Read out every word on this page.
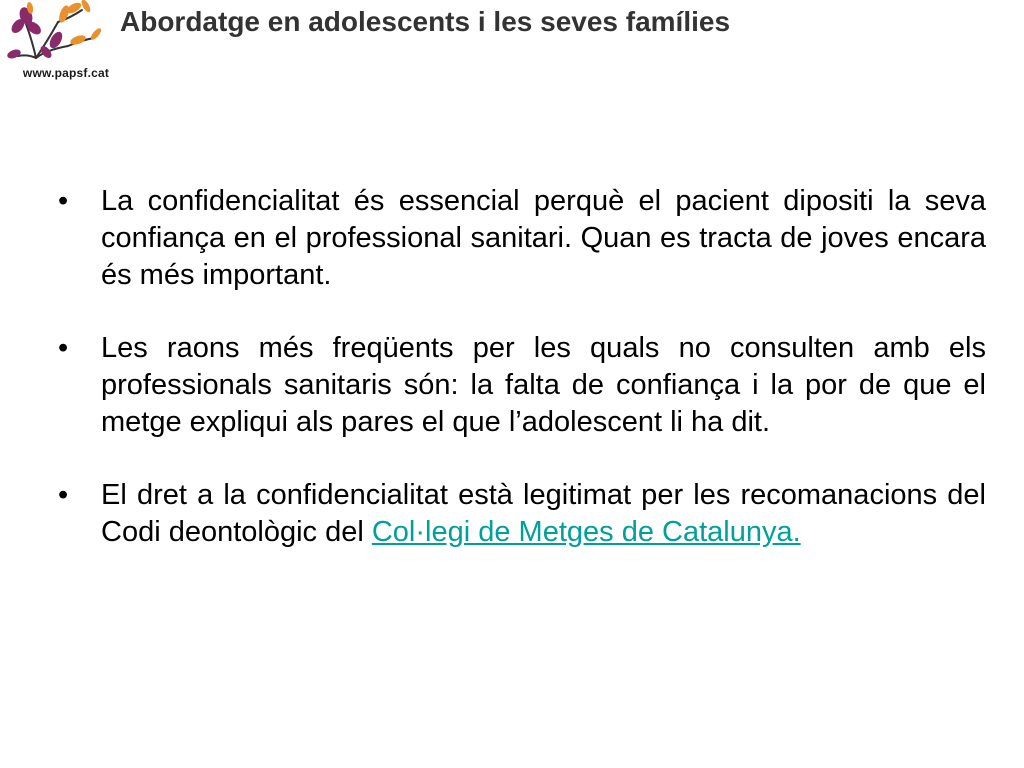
www.papsf.cat
Abordatge en adolescents i les seves famílies
• La confidencialitat és essencial perquè el pacient dipositi la seva confiança en el professional sanitari. Quan es tracta de joves encara és més important.
• Les raons més freqüents per les quals no consulten amb els professionals sanitaris són: la falta de confiança i la por de que el metge expliqui als pares el que l’adolescent li ha dit.
• El dret a la confidencialitat està legitimat per les recomanacions del Codi deontològic del Col·legi de Metges de Catalunya.
